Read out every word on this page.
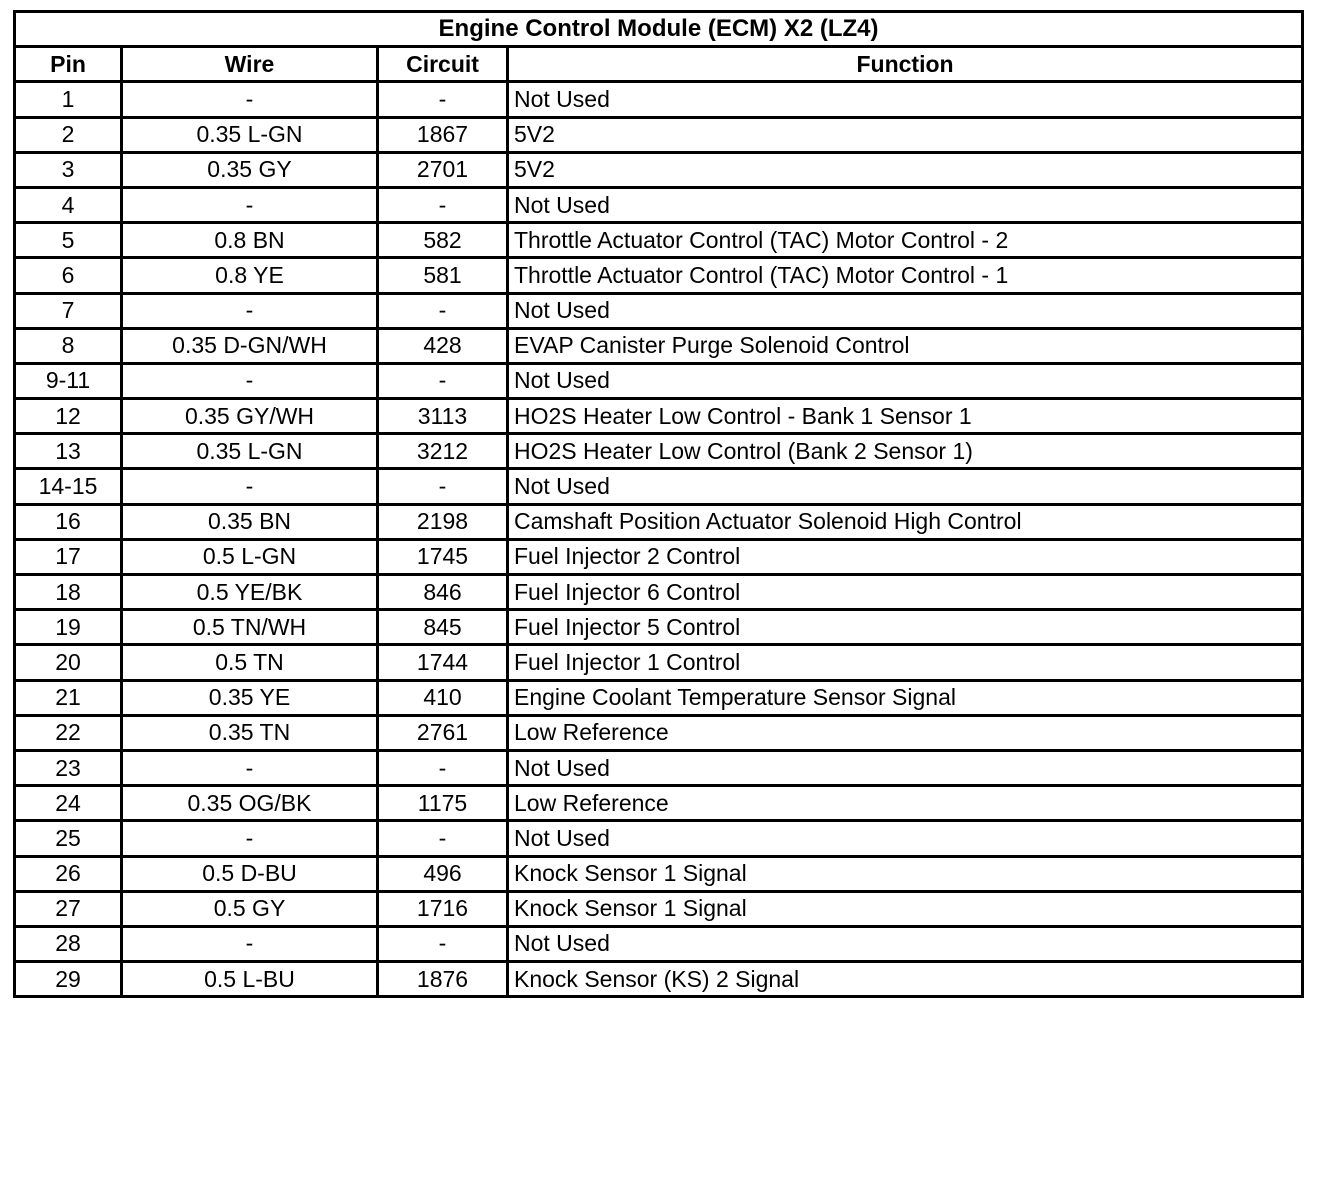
Engine Control Module (ECM) X2 (LZ4)			
Pin	Wire	Circuit	Function
1	-	-	Not Used
2	0.35 L-GN	1867	5V2
3	0.35 GY	2701	5V2
4	-	-	Not Used
5	0.8 BN	582	Throttle Actuator Control (TAC) Motor Control - 2
6	0.8 YE	581	Throttle Actuator Control (TAC) Motor Control - 1
7	-	-	Not Used
8	0.35 D-GN/WH	428	EVAP Canister Purge Solenoid Control
9-11	-	-	Not Used
12	0.35 GY/WH	3113	HO2S Heater Low Control - Bank 1 Sensor 1
13	0.35 L-GN	3212	HO2S Heater Low Control (Bank 2 Sensor 1)
14-15	-	-	Not Used
16	0.35 BN	2198	Camshaft Position Actuator Solenoid High Control
17	0.5 L-GN	1745	Fuel Injector 2 Control
18	0.5 YE/BK	846	Fuel Injector 6 Control
19	0.5 TN/WH	845	Fuel Injector 5 Control
20	0.5 TN	1744	Fuel Injector 1 Control
21	0.35 YE	410	Engine Coolant Temperature Sensor Signal
22	0.35 TN	2761	Low Reference
23	-	-	Not Used
24	0.35 OG/BK	1175	Low Reference
25	-	-	Not Used
26	0.5 D-BU	496	Knock Sensor 1 Signal
27	0.5 GY	1716	Knock Sensor 1 Signal
28	-	-	Not Used
29	0.5 L-BU	1876	Knock Sensor (KS) 2 Signal
